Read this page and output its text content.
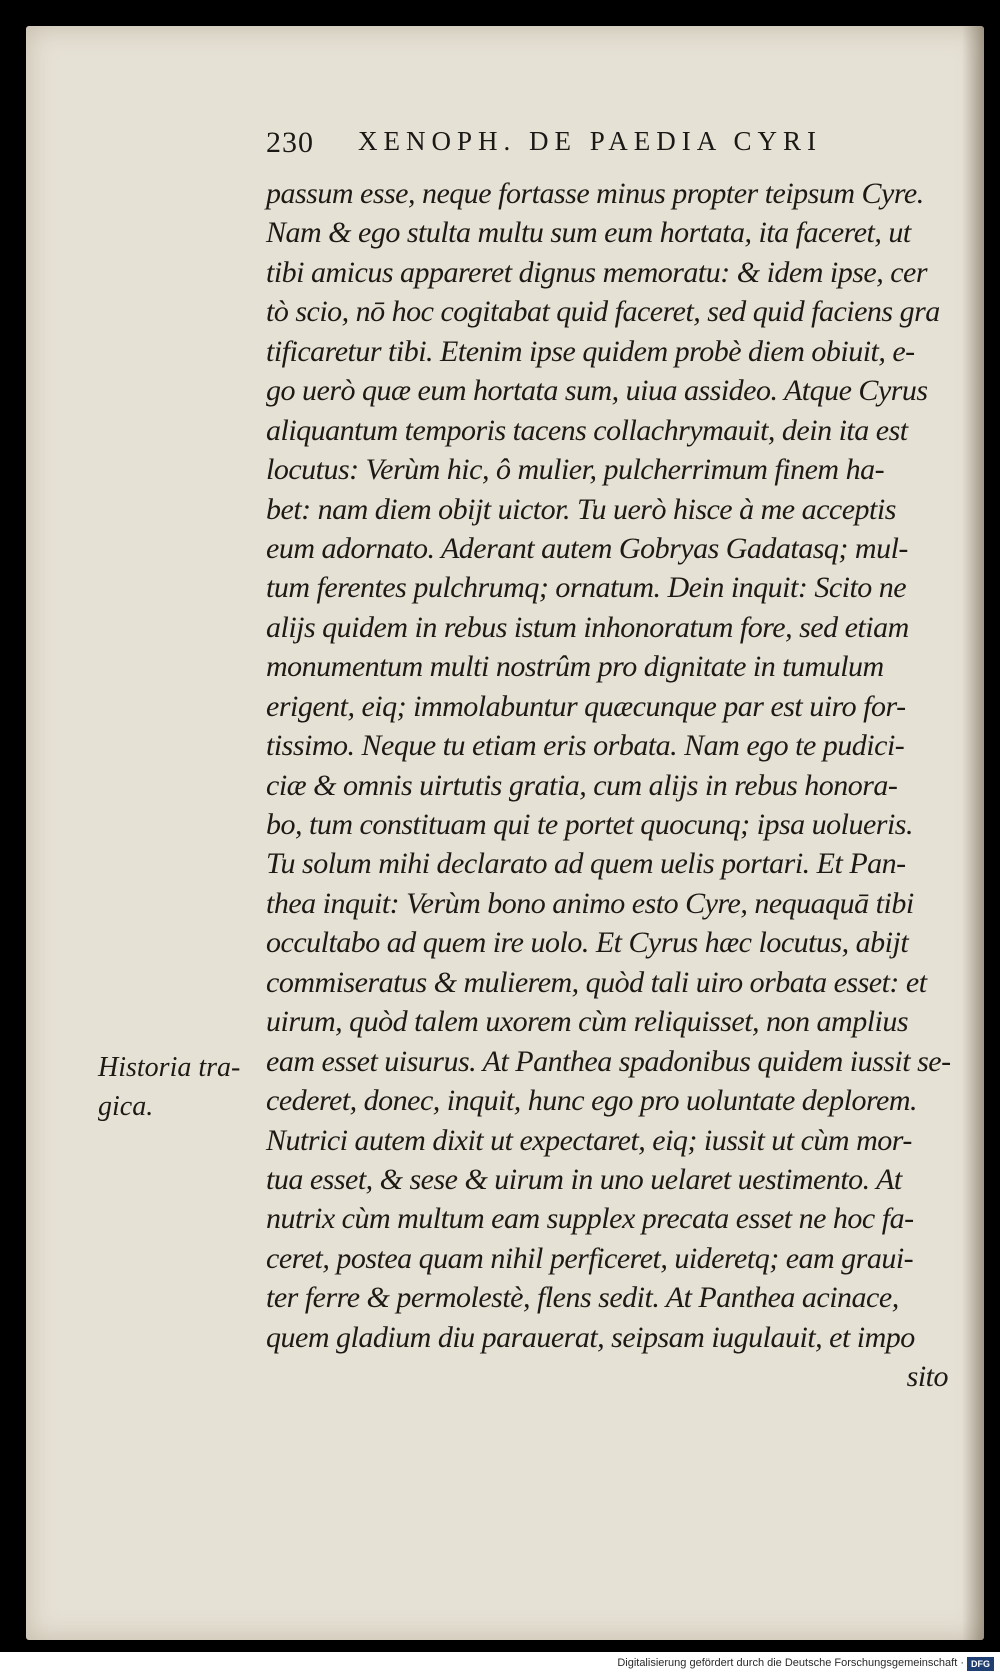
230 XENOPH. DE PAEDIA CYRI
Historia tra-
gica.
passum esse, neque fortasse minus propter teipsum Cyre.
Nam & ego stulta multu sum eum hortata, ita faceret, ut
tibi amicus appareret dignus memoratu: & idem ipse, cer
tò scio, nō hoc cogitabat quid faceret, sed quid faciens gra
tificaretur tibi. Etenim ipse quidem probè diem obiuit, e-
go uerò quæ eum hortata sum, uiua assideo. Atque Cyrus
aliquantum temporis tacens collachrymauit, dein ita est
locutus: Verùm hic, ô mulier, pulcherrimum finem ha-
bet: nam diem obijt uictor. Tu uerò hisce à me acceptis
eum adornato. Aderant autem Gobryas Gadatasq; mul-
tum ferentes pulchrumq; ornatum. Dein inquit: Scito ne
alijs quidem in rebus istum inhonoratum fore, sed etiam
monumentum multi nostrûm pro dignitate in tumulum
erigent, eiq; immolabuntur quæcunque par est uiro for-
tissimo. Neque tu etiam eris orbata. Nam ego te pudici-
ciæ & omnis uirtutis gratia, cum alijs in rebus honora-
bo, tum constituam qui te portet quocunq; ipsa uolueris.
Tu solum mihi declarato ad quem uelis portari. Et Pan-
thea inquit: Verùm bono animo esto Cyre, nequaquā tibi
occultabo ad quem ire uolo. Et Cyrus hæc locutus, abijt
commiseratus & mulierem, quòd tali uiro orbata esset: et
uirum, quòd talem uxorem cùm reliquisset, non amplius
eam esset uisurus. At Panthea spadonibus quidem iussit se-
cederet, donec, inquit, hunc ego pro uoluntate deplorem.
Nutrici autem dixit ut expectaret, eiq; iussit ut cùm mor-
tua esset, & sese & uirum in uno uelaret uestimento. At
nutrix cùm multum eam supplex precata esset ne hoc fa-
ceret, postea quam nihil perficeret, uideretq; eam graui-
ter ferre & permolestè, flens sedit. At Panthea acinace,
quem gladium diu parauerat, seipsam iugulauit, et impo
sito
Digitalisierung gefördert durch die Deutsche Forschungsgemeinschaft · DFG
